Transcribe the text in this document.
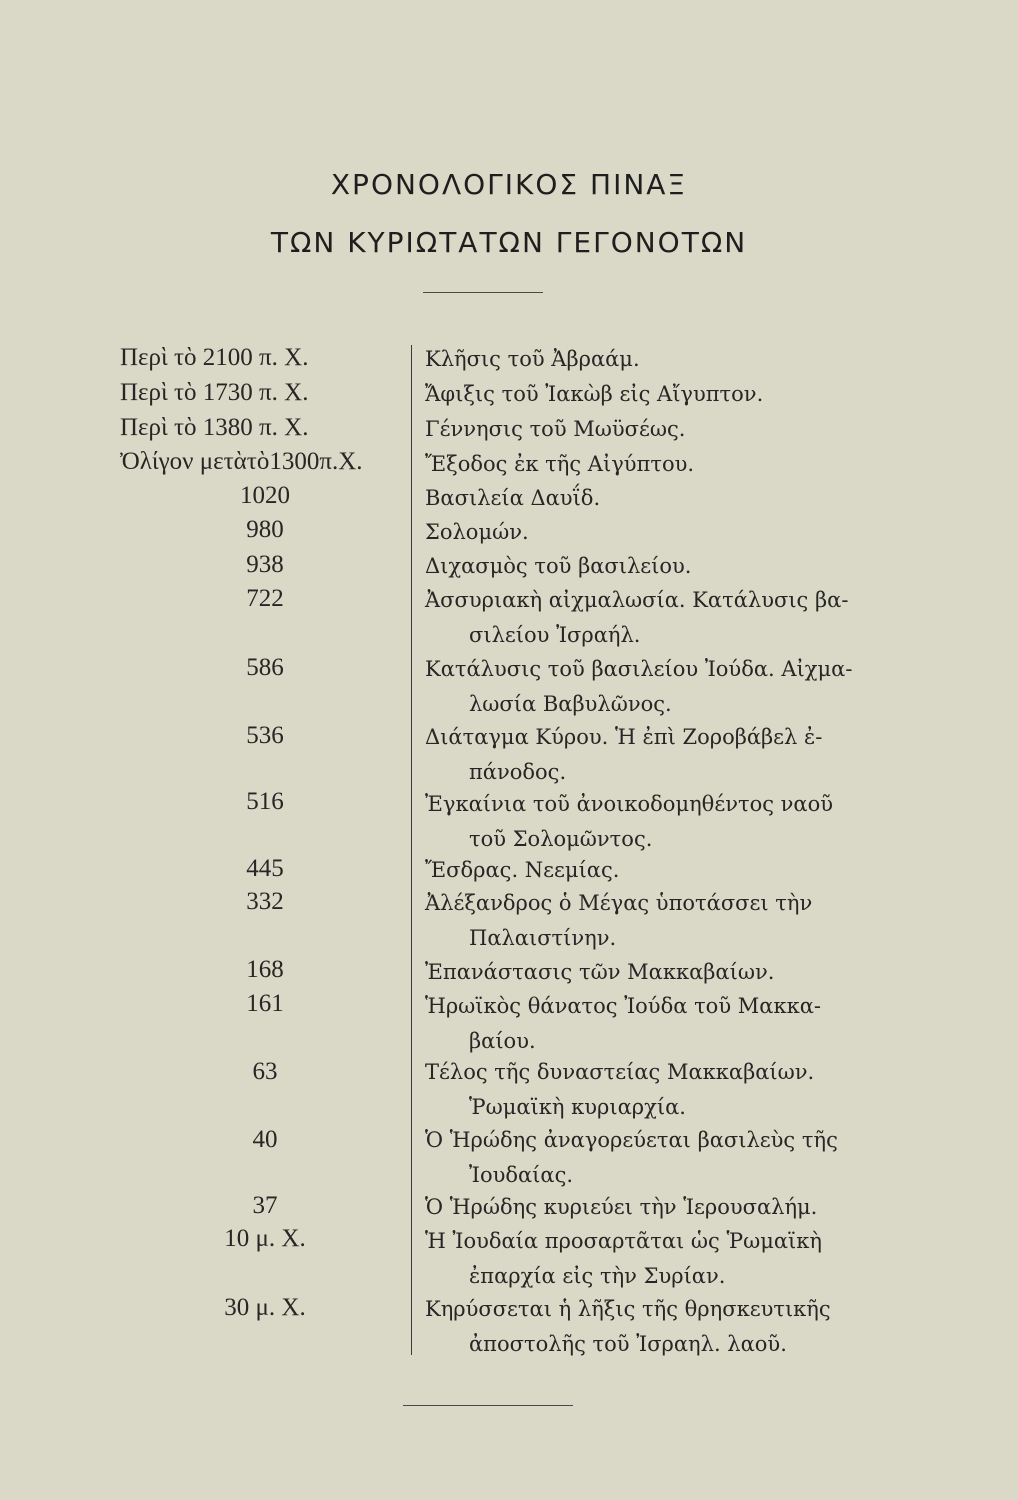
ΧΡΟΝΟΛΟΓΙΚΟΣ ΠΙΝΑΞ
ΤΩΝ ΚΥΡΙΩΤΑΤΩΝ ΓΕΓΟΝΟΤΩΝ
Περὶ τὸ 2100 π. Χ.	Κλῆσις τοῦ Ἀβραάμ.
Περὶ τὸ 1730 π. Χ.	Ἄφιξις τοῦ Ἰακὼβ εἰς Αἴγυπτον.
Περὶ τὸ 1380 π. Χ.	Γέννησις τοῦ Μωϋσέως.
Ὀλίγον μετὰτὸ1300π.Χ.	Ἔξοδος ἐκ τῆς Αἰγύπτου.
1020	Βασιλεία Δαυΐδ.
980	Σολομών.
938	Διχασμὸς τοῦ βασιλείου.
722	Ἀσσυριακὴ αἰχμαλωσία. Κατάλυσις βα-
σιλείου Ἰσραήλ.
586	Κατάλυσις τοῦ βασιλείου Ἰούδα. Αἰχμα-
λωσία Βαβυλῶνος.
536	Διάταγμα Κύρου. Ἡ ἐπὶ Ζοροβάβελ ἐ-
πάνοδος.
516	Ἐγκαίνια τοῦ ἀνοικοδομηθέντος ναοῦ
τοῦ Σολομῶντος.
445	Ἔσδρας. Νεεμίας.
332	Ἀλέξανδρος ὁ Μέγας ὑποτάσσει τὴν
Παλαιστίνην.
168	Ἐπανάστασις τῶν Μακκαβαίων.
161	Ἡρωϊκὸς θάνατος Ἰούδα τοῦ Μακκα-
βαίου.
63	Τέλος τῆς δυναστείας Μακκαβαίων.
Ῥωμαϊκὴ κυριαρχία.
40	Ὁ Ἡρώδης ἀναγορεύεται βασιλεὺς τῆς
Ἰουδαίας.
37	Ὁ Ἡρώδης κυριεύει τὴν Ἱερουσαλήμ.
10 μ. Χ.	Ἡ Ἰουδαία προσαρτᾶται ὡς Ῥωμαϊκὴ
ἐπαρχία εἰς τὴν Συρίαν.
30 μ. Χ.	Κηρύσσεται ἡ λῆξις τῆς θρησκευτικῆς
ἀποστολῆς τοῦ Ἰσραηλ. λαοῦ.
